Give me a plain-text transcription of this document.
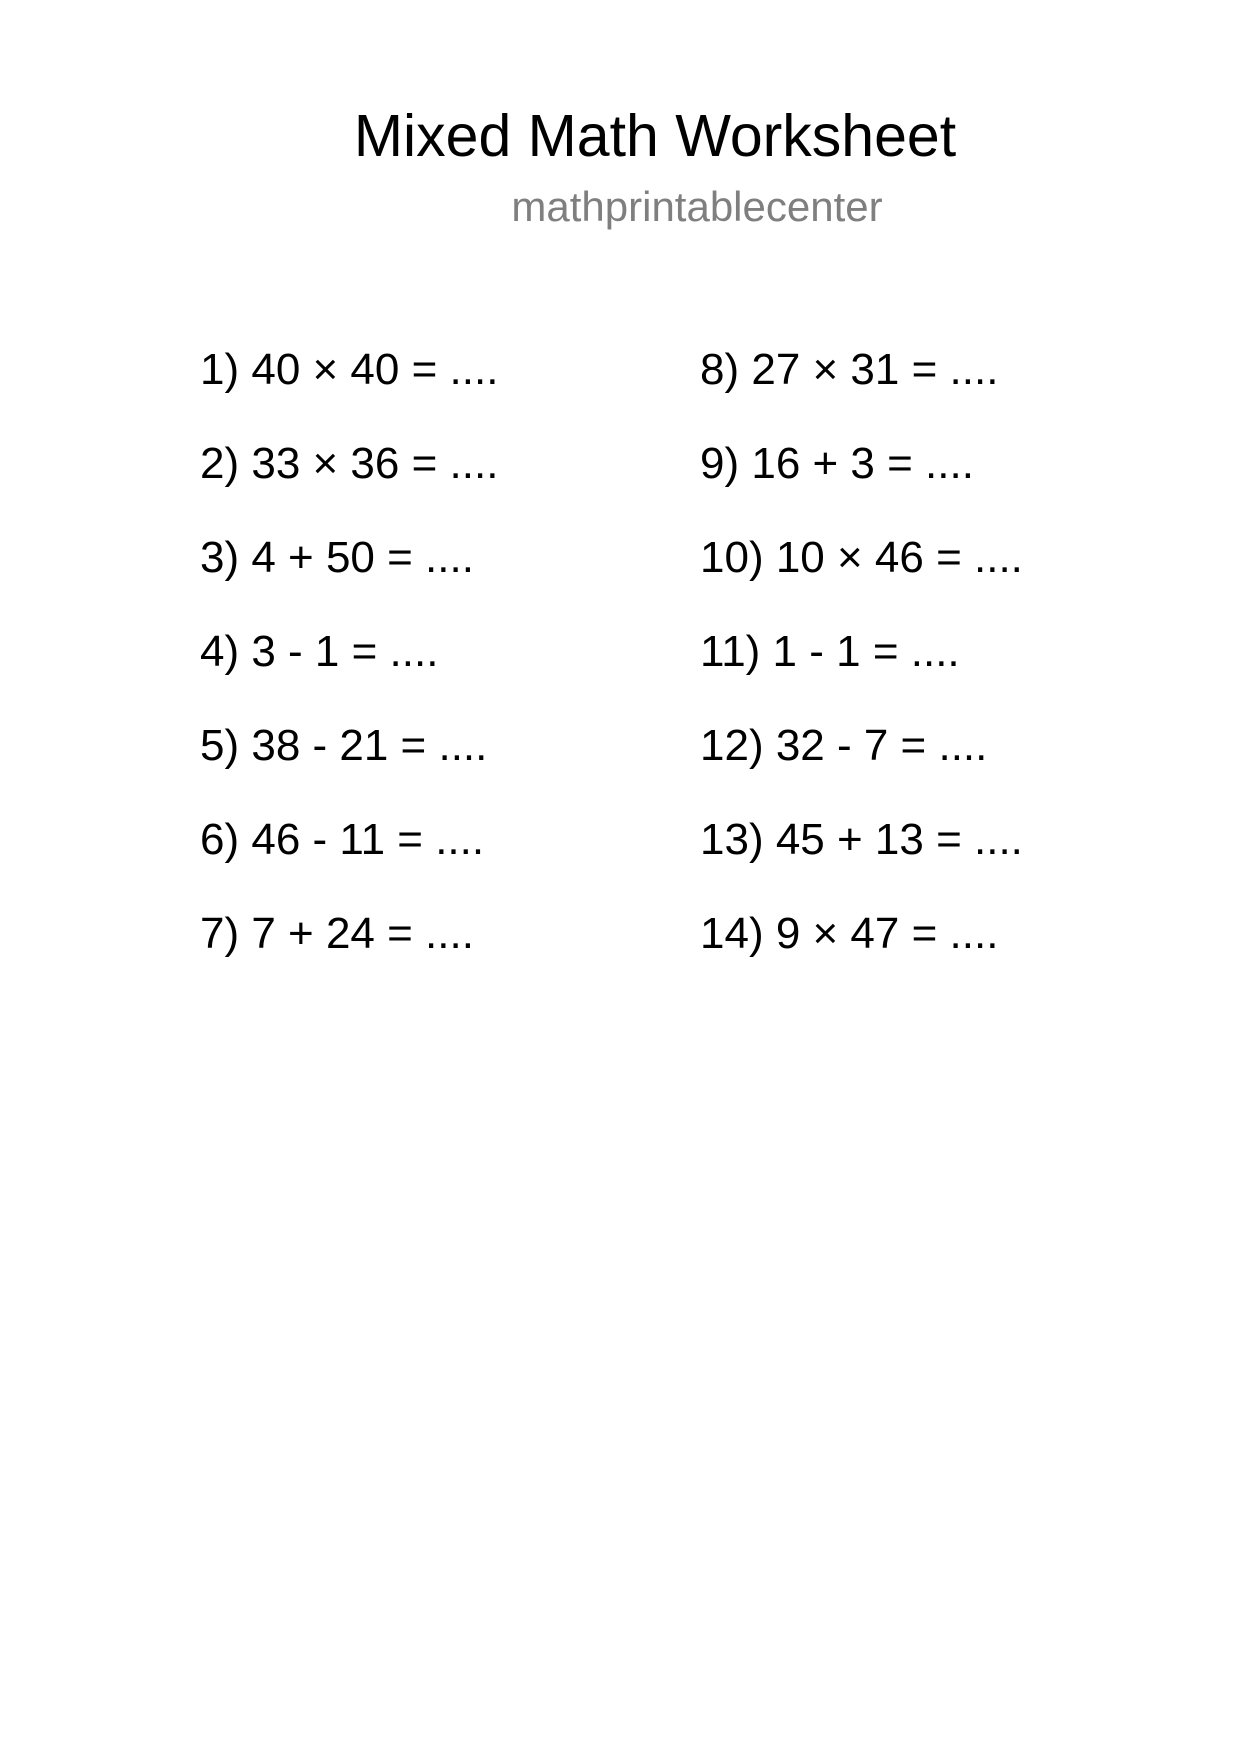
Mixed Math Worksheet
mathprintablecenter
1) 40 × 40 = ....
2) 33 × 36 = ....
3) 4 + 50 = ....
4) 3 - 1 = ....
5) 38 - 21 = ....
6) 46 - 11 = ....
7) 7 + 24 = ....
8) 27 × 31 = ....
9) 16 + 3 = ....
10) 10 × 46 = ....
11) 1 - 1 = ....
12) 32 - 7 = ....
13) 45 + 13 = ....
14) 9 × 47 = ....
